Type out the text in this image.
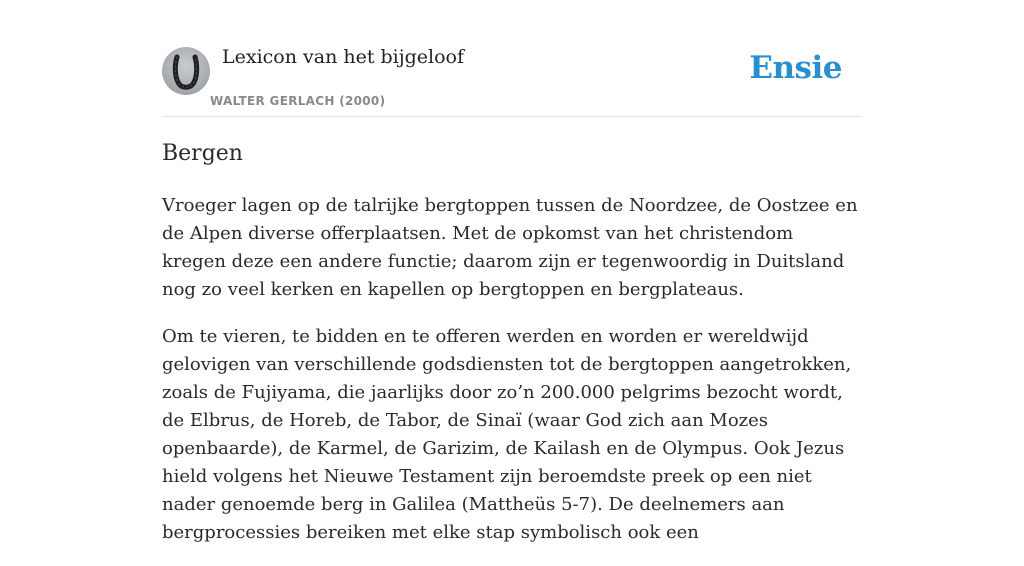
Lexicon van het bijgeloof
WALTER GERLACH (2000)
Ensie
Bergen

Vroeger lagen op de talrijke bergtoppen tussen de Noordzee, de Oostzee en de Alpen diverse offerplaatsen. Met de opkomst van het christendom kregen deze een andere functie; daarom zijn er tegenwoordig in Duitsland nog zo veel kerken en kapellen op bergtoppen en bergplateaus.

Om te vieren, te bidden en te offeren werden en worden er wereldwijd gelovigen van verschillende godsdiensten tot de bergtoppen aangetrokken, zoals de Fujiyama, die jaarlijks door zo’n 200.000 pelgrims bezocht wordt, de Elbrus, de Horeb, de Tabor, de Sinaï (waar God zich aan Mozes openbaarde), de Karmel, de Garizim, de Kailash en de Olympus. Ook Jezus hield volgens het Nieuwe Testament zijn beroemdste preek op een niet nader genoemde berg in Galilea (Mattheüs 5-7). De deelnemers aan bergprocessies bereiken met elke stap symbolisch ook een
